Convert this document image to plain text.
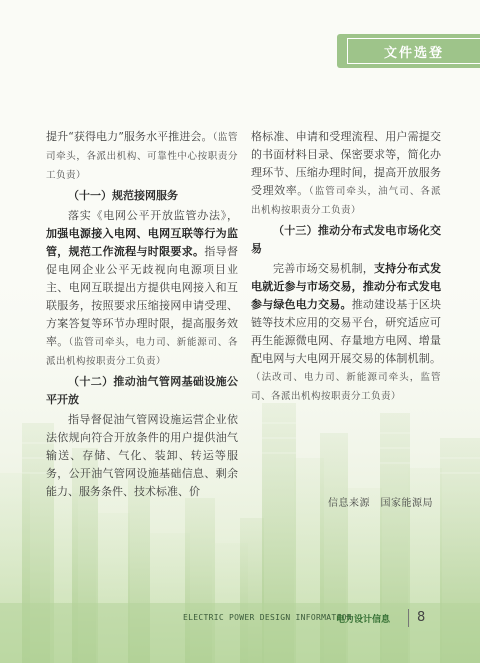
文件选登

提升“获得电力”服务水平推进会。（监管司牵头，各派出机构、可靠性中心按职责分工负责）

（十一）规范接网服务

落实《电网公平开放监管办法》，加强电源接入电网、电网互联等行为监管，规范工作流程与时限要求。指导督促电网企业公平无歧视向电源项目业主、电网互联提出方提供电网接入和互联服务，按照要求压缩接网申请受理、方案答复等环节办理时限，提高服务效率。（监管司牵头，电力司、新能源司、各派出机构按职责分工负责）

（十二）推动油气管网基础设施公平开放

指导督促油气管网设施运营企业依法依规向符合开放条件的用户提供油气输送、存储、气化、装卸、转运等服务，公开油气管网设施基础信息、剩余能力、服务条件、技术标准、价

格标准、申请和受理流程、用户需提交的书面材料目录、保密要求等，简化办理环节、压缩办理时间，提高开放服务受理效率。（监管司牵头，油气司、各派出机构按职责分工负责）

（十三）推动分布式发电市场化交易

完善市场交易机制，支持分布式发电就近参与市场交易，推动分布式发电参与绿色电力交易。推动建设基于区块链等技术应用的交易平台，研究适应可再生能源微电网、存量地方电网、增量配电网与大电网开展交易的体制机制。（法改司、电力司、新能源司牵头，监管司、各派出机构按职责分工负责）

信息来源　国家能源局
ELECTRIC POWER DESIGN INFORMATION
电力设计信息 8
